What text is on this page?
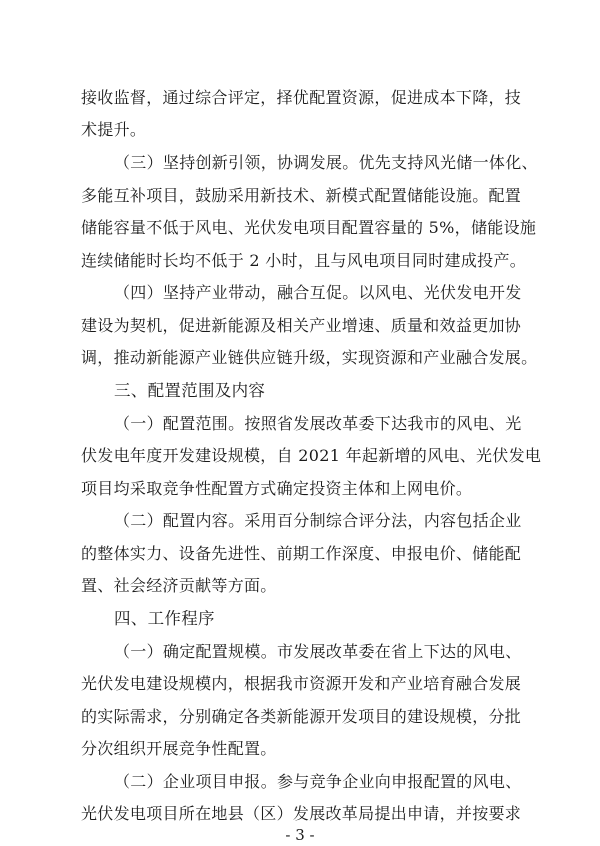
接收监督，通过综合评定，择优配置资源，促进成本下降，技
术提升。
（三）坚持创新引领，协调发展。优先支持风光储一体化、
多能互补项目，鼓励采用新技术、新模式配置储能设施。配置
储能容量不低于风电、光伏发电项目配置容量的 5%，储能设施
连续储能时长均不低于 2 小时，且与风电项目同时建成投产。
（四）坚持产业带动，融合互促。以风电、光伏发电开发
建设为契机，促进新能源及相关产业增速、质量和效益更加协
调，推动新能源产业链供应链升级，实现资源和产业融合发展。
三、配置范围及内容
（一）配置范围。按照省发展改革委下达我市的风电、光
伏发电年度开发建设规模，自 2021 年起新增的风电、光伏发电
项目均采取竞争性配置方式确定投资主体和上网电价。
（二）配置内容。采用百分制综合评分法，内容包括企业
的整体实力、设备先进性、前期工作深度、申报电价、储能配
置、社会经济贡献等方面。
四、工作程序
（一）确定配置规模。市发展改革委在省上下达的风电、
光伏发电建设规模内，根据我市资源开发和产业培育融合发展
的实际需求，分别确定各类新能源开发项目的建设规模，分批
分次组织开展竞争性配置。
（二）企业项目申报。参与竞争企业向申报配置的风电、
光伏发电项目所在地县（区）发展改革局提出申请，并按要求
- 3 -
